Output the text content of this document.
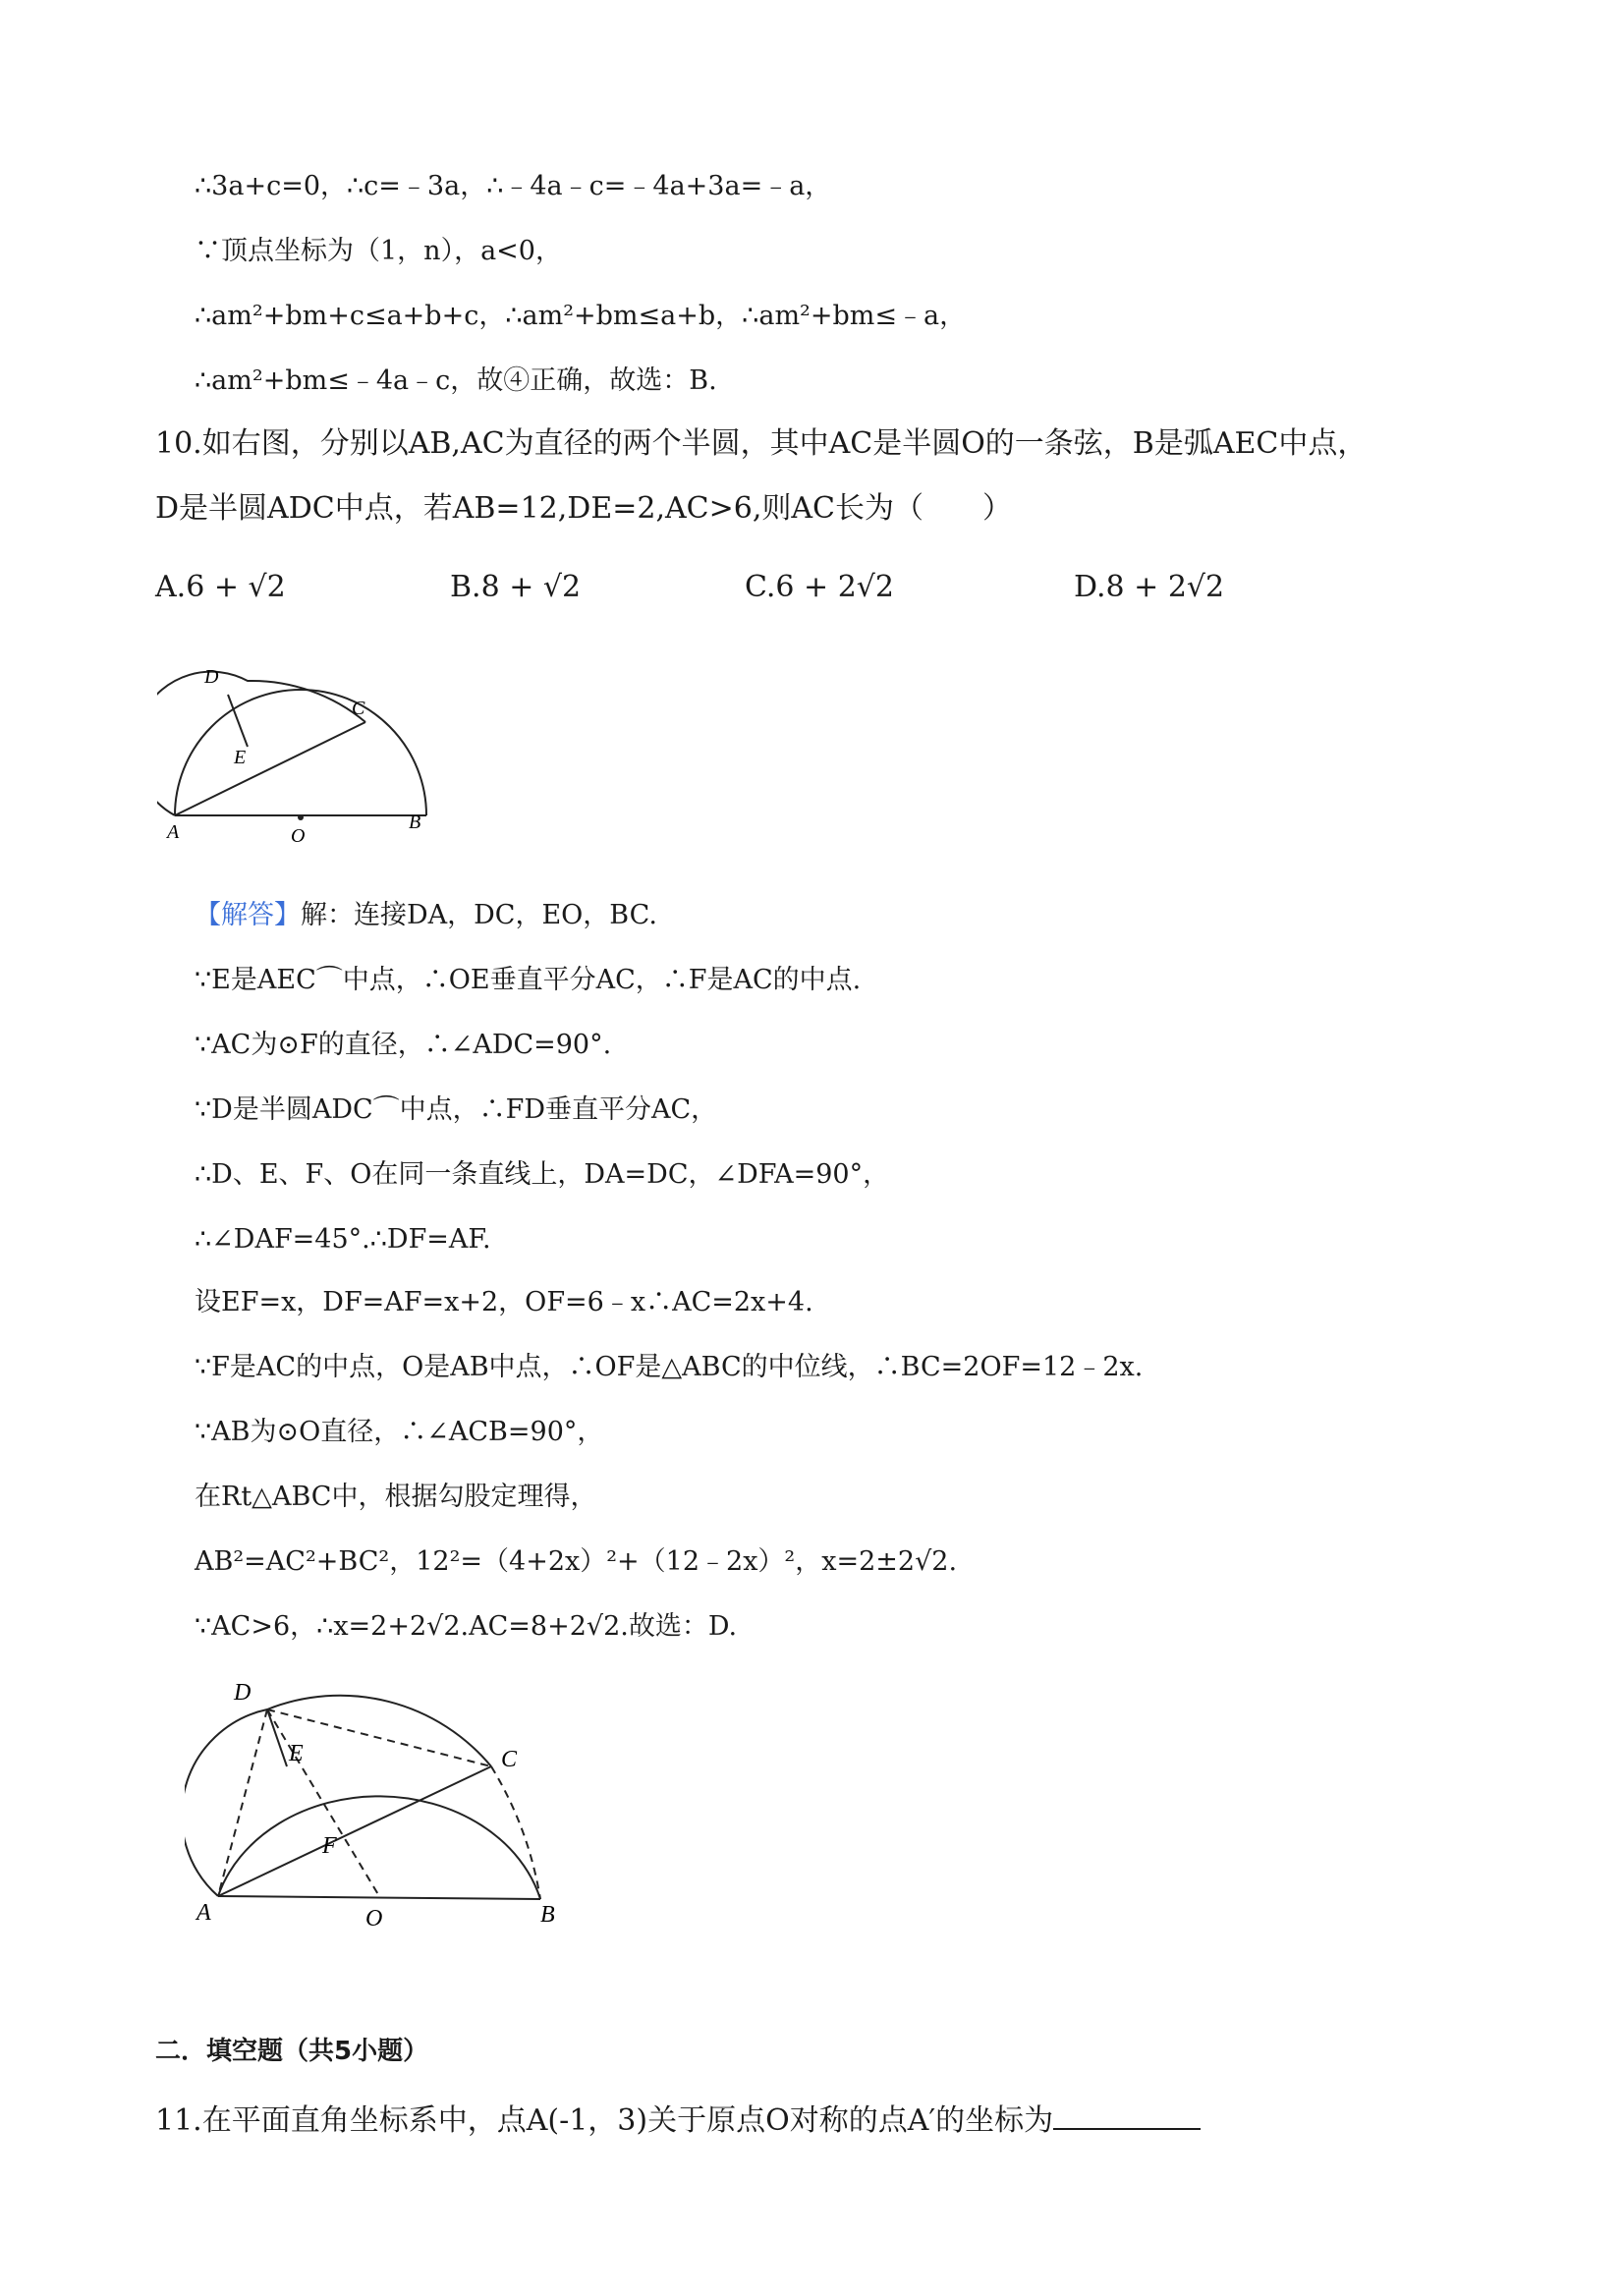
∴3a+c=0，∴c=﹣3a，∴﹣4a﹣c=﹣4a+3a=﹣a，
∵顶点坐标为（1，n），a<0，
∴am²+bm+c≤a+b+c，∴am²+bm≤a+b，∴am²+bm≤﹣a，
∴am²+bm≤﹣4a﹣c，故④正确，故选：B.
10.如右图，分别以AB,AC为直径的两个半圆，其中AC是半圆O的一条弦，B是弧AEC中点，
D是半圆ADC中点，若AB=12,DE=2,AC>6,则AC长为（　　）
A.6 + √2	B.8 + √2	C.6 + 2√2	D.8 + 2√2
D
E
C
A	O
B
【解答】解：连接DA，DC，EO，BC.
∵E是AEC⌒中点，∴OE垂直平分AC，∴F是AC的中点.
∵AC为⊙F的直径，∴∠ADC=90°.
∵D是半圆ADC⌒中点，∴FD垂直平分AC，
∴D、E、F、O在同一条直线上，DA=DC，∠DFA=90°，
∴∠DAF=45°.∴DF=AF.
设EF=x，DF=AF=x+2，OF=6﹣x∴AC=2x+4.
∵F是AC的中点，O是AB中点，∴OF是△ABC的中位线，∴BC=2OF=12﹣2x.
∵AB为⊙O直径，∴∠ACB=90°，
在Rt△ABC中，根据勾股定理得，
AB²=AC²+BC²，12²=（4+2x）²+（12﹣2x）²，x=2±2√2.
∵AC>6，∴x=2+2√2.AC=8+2√2.故选：D.
D
E	C
F
A	O	B
二．填空题（共5小题）
11.在平面直角坐标系中，点A(-1，3)关于原点O对称的点A′的坐标为
